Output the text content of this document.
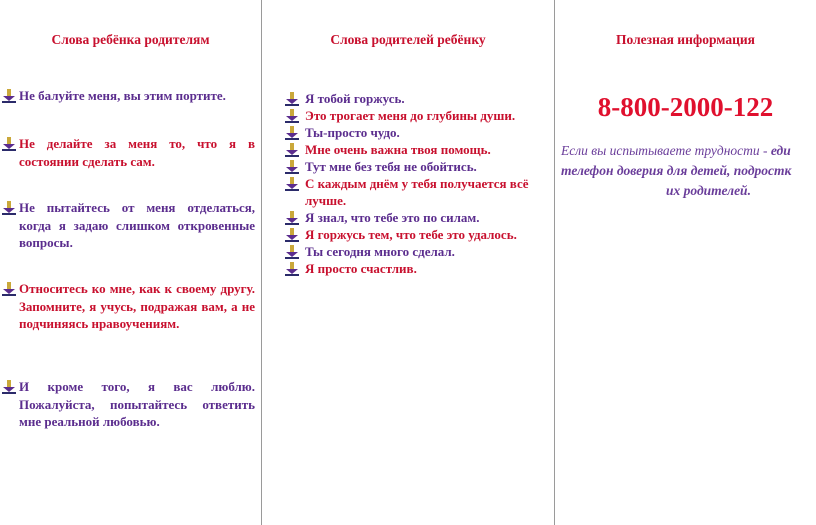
Слова ребёнка родителям
Не балуйте меня, вы этим портите.
Не делайте за меня то, что я в состоянии сделать сам.
Не пытайтесь от меня отделаться, когда я задаю слишком откровенные вопросы.
Относитесь ко мне, как к своему другу. Запомните, я учусь, подражая вам, а не подчиняясь нравоучениям.
И кроме того, я вас люблю. Пожалуйста, попытайтесь ответить мне реальной любовью.
Слова родителей ребёнку
Я тобой горжусь.
Это трогает меня до глубины души.
Ты-просто чудо.
Мне очень важна твоя помощь.
Тут мне без тебя не обойтись.
С каждым днём у тебя получается всё лучше.
Я знал, что тебе это по силам.
Я горжусь тем, что тебе это удалось.
Ты сегодня много сделал.
Я просто счастлив.
Полезная информация
8-800-2000-122
Если вы испытываете трудности - еди
телефон доверия для детей, подростк
их родителей.
